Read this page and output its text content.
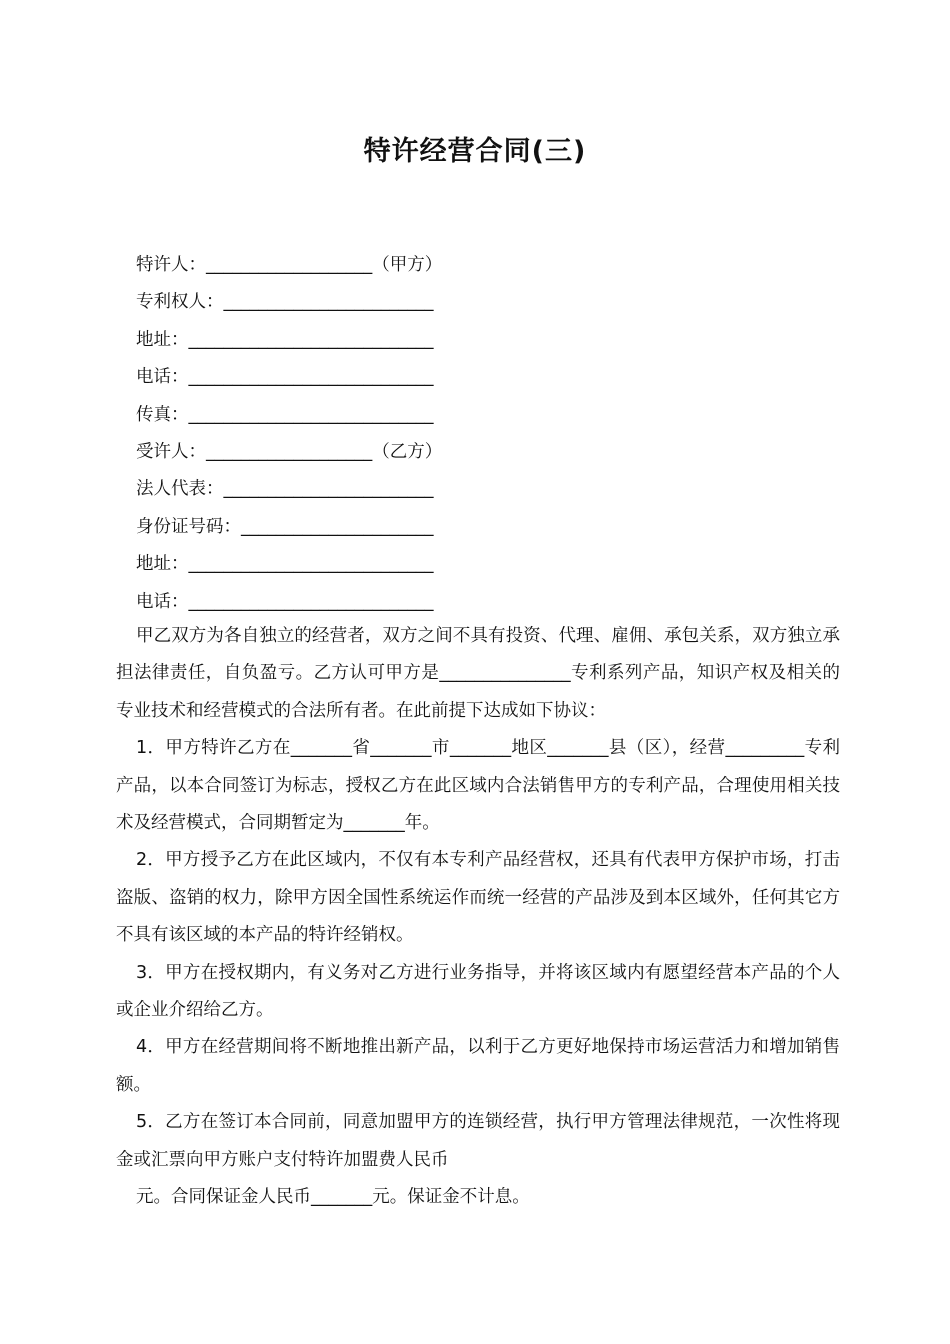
特许经营合同(三)
特许人：___________________（甲方）
专利权人：________________________
地址：____________________________
电话：____________________________
传真：____________________________
受许人：___________________（乙方）
法人代表：________________________
身份证号码：______________________
地址：____________________________
电话：____________________________

甲乙双方为各自独立的经营者，双方之间不具有投资、代理、雇佣、承包关系，双方独立承担法律责任，自负盈亏。乙方认可甲方是_______________专利系列产品，知识产权及相关的专业技术和经营模式的合法所有者。在此前提下达成如下协议：

1．甲方特许乙方在_______省_______市_______地区_______县（区），经营_________专利产品，以本合同签订为标志，授权乙方在此区域内合法销售甲方的专利产品，合理使用相关技术及经营模式，合同期暂定为_______年。

2．甲方授予乙方在此区域内，不仅有本专利产品经营权，还具有代表甲方保护市场，打击盗版、盗销的权力，除甲方因全国性系统运作而统一经营的产品涉及到本区域外，任何其它方不具有该区域的本产品的特许经销权。

3．甲方在授权期内，有义务对乙方进行业务指导，并将该区域内有愿望经营本产品的个人或企业介绍给乙方。

4．甲方在经营期间将不断地推出新产品，以利于乙方更好地保持市场运营活力和增加销售额。

5．乙方在签订本合同前，同意加盟甲方的连锁经营，执行甲方管理法律规范，一次性将现金或汇票向甲方账户支付特许加盟费人民币

元。合同保证金人民币_______元。保证金不计息。
